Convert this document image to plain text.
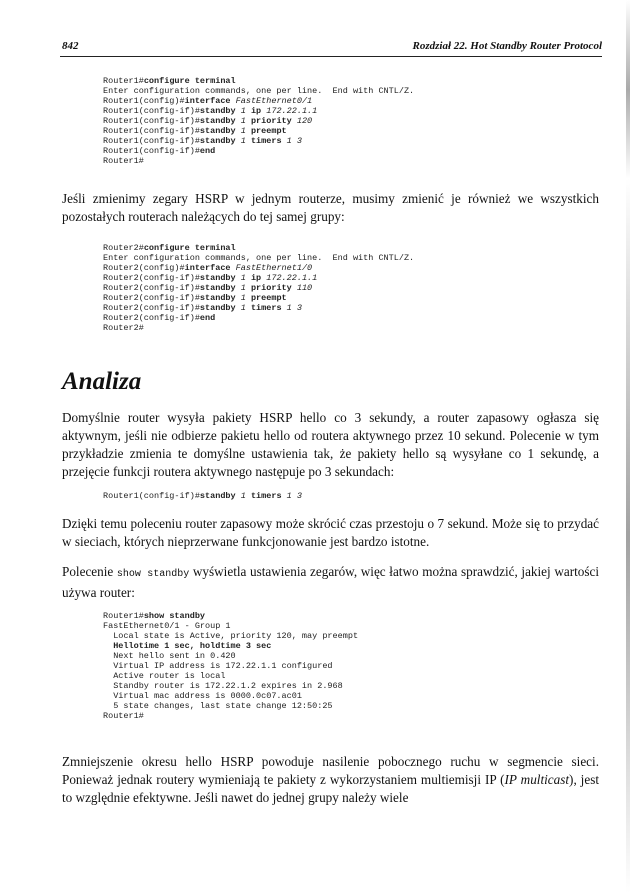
842	Rozdział 22. Hot Standby Router Protocol
Router1#configure terminal
Enter configuration commands, one per line.  End with CNTL/Z.
Router1(config)#interface FastEthernet0/1
Router1(config-if)#standby 1 ip 172.22.1.1
Router1(config-if)#standby 1 priority 120
Router1(config-if)#standby 1 preempt
Router1(config-if)#standby 1 timers 1 3
Router1(config-if)#end
Router1#

Jeśli zmienimy zegary HSRP w jednym routerze, musimy zmienić je również we wszystkich pozostałych routerach należących do tej samej grupy:

Router2#configure terminal
Enter configuration commands, one per line.  End with CNTL/Z.
Router2(config)#interface FastEthernet1/0
Router2(config-if)#standby 1 ip 172.22.1.1
Router2(config-if)#standby 1 priority 110
Router2(config-if)#standby 1 preempt
Router2(config-if)#standby 1 timers 1 3
Router2(config-if)#end
Router2#
Analiza

Domyślnie router wysyła pakiety HSRP hello co 3 sekundy, a router zapasowy ogłasza się aktywnym, jeśli nie odbierze pakietu hello od routera aktywnego przez 10 sekund. Polecenie w tym przykładzie zmienia te domyślne ustawienia tak, że pakiety hello są wysyłane co 1 sekundę, a przejęcie funkcji routera aktywnego następuje po 3 sekundach:

Router1(config-if)#standby 1 timers 1 3

Dzięki temu poleceniu router zapasowy może skrócić czas przestoju o 7 sekund. Może się to przydać w sieciach, których nieprzerwane funkcjonowanie jest bardzo istotne.

Polecenie show standby wyświetla ustawienia zegarów, więc łatwo można sprawdzić, jakiej wartości używa router:

Router1#show standby
FastEthernet0/1 - Group 1
Local state is Active, priority 120, may preempt
Hellotime 1 sec, holdtime 3 sec
Next hello sent in 0.420
Virtual IP address is 172.22.1.1 configured
Active router is local
Standby router is 172.22.1.2 expires in 2.968
Virtual mac address is 0000.0c07.ac01
5 state changes, last state change 12:50:25
Router1#

Zmniejszenie okresu hello HSRP powoduje nasilenie pobocznego ruchu w segmencie sieci. Ponieważ jednak routery wymieniają te pakiety z wykorzystaniem multiemisji IP (IP multicast), jest to względnie efektywne. Jeśli nawet do jednej grupy należy wiele
